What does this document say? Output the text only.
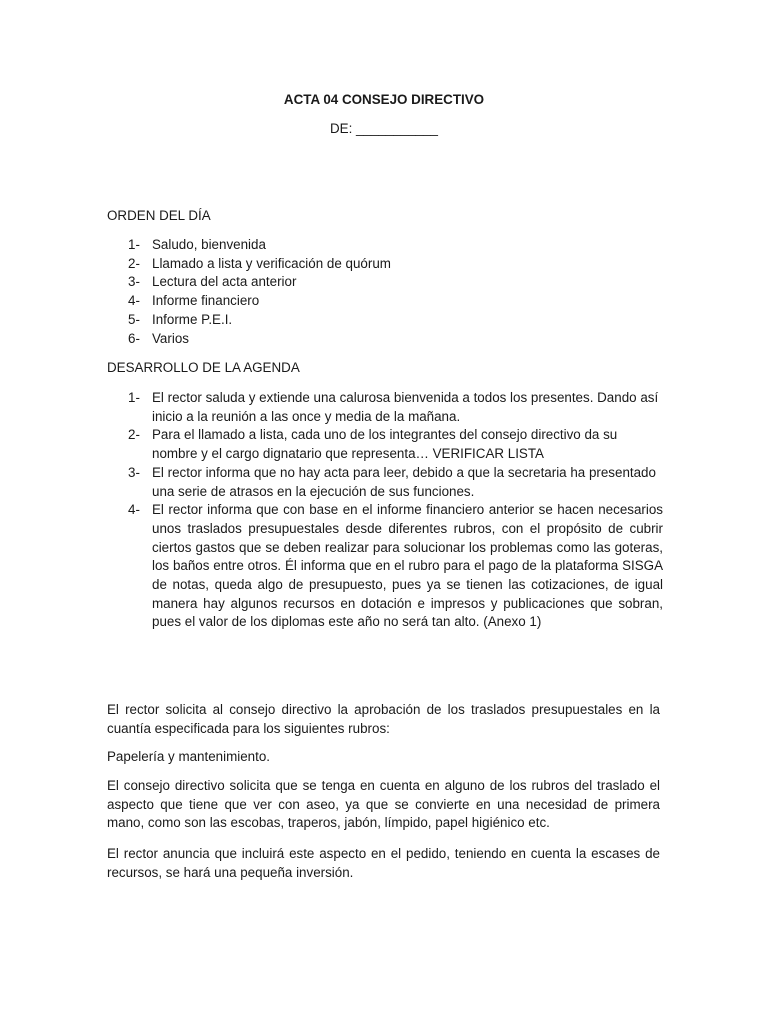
ACTA 04 CONSEJO DIRECTIVO
DE: ___________
ORDEN DEL DÍA
1- Saludo, bienvenida
2- Llamado a lista y verificación de quórum
3- Lectura del acta anterior
4- Informe financiero
5- Informe P.E.I.
6- Varios
DESARROLLO DE LA AGENDA
1- El rector saluda y extiende una calurosa bienvenida a todos los presentes. Dando así inicio a la reunión a las once y media de la mañana.
2- Para el llamado a lista, cada uno de los integrantes del consejo directivo da su nombre y el cargo dignatario que representa… VERIFICAR LISTA
3- El rector informa que no hay acta para leer, debido a que la secretaria ha presentado una serie de atrasos en la ejecución de sus funciones.
4- El rector informa que con base en el informe financiero anterior se hacen necesarios unos traslados presupuestales desde diferentes rubros, con el propósito de cubrir ciertos gastos que se deben realizar para solucionar los problemas como las goteras, los baños entre otros. Él informa que en el rubro para el pago de la plataforma SISGA de notas, queda algo de presupuesto, pues ya se tienen las cotizaciones, de igual manera hay algunos recursos en dotación e impresos y publicaciones que sobran, pues el valor de los diplomas este año no será tan alto. (Anexo 1)

El rector solicita al consejo directivo la aprobación de los traslados presupuestales en la cuantía especificada para los siguientes rubros:

Papelería y mantenimiento.

El consejo directivo solicita que se tenga en cuenta en alguno de los rubros del traslado el aspecto que tiene que ver con aseo, ya que se convierte en una necesidad de primera mano, como son las escobas, traperos, jabón, límpido, papel higiénico etc.

El rector anuncia que incluirá este aspecto en el pedido, teniendo en cuenta la escases de recursos, se hará una pequeña inversión.
